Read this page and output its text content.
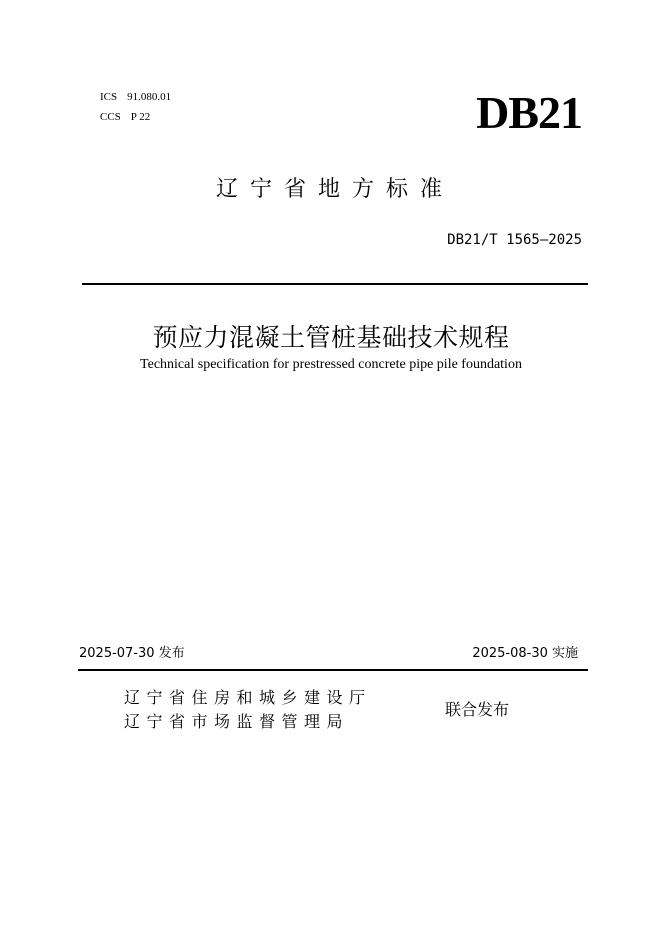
ICS 91.080.01
CCS P 22	DB21
辽宁省地方标准
DB21/T 1565—2025
预应力混凝土管桩基础技术规程
Technical specification for prestressed concrete pipe pile foundation
2025-07-30 发布	2025-08-30 实施
辽宁省住房和城乡建设厅
辽宁省市场监督管理局
联合发布
